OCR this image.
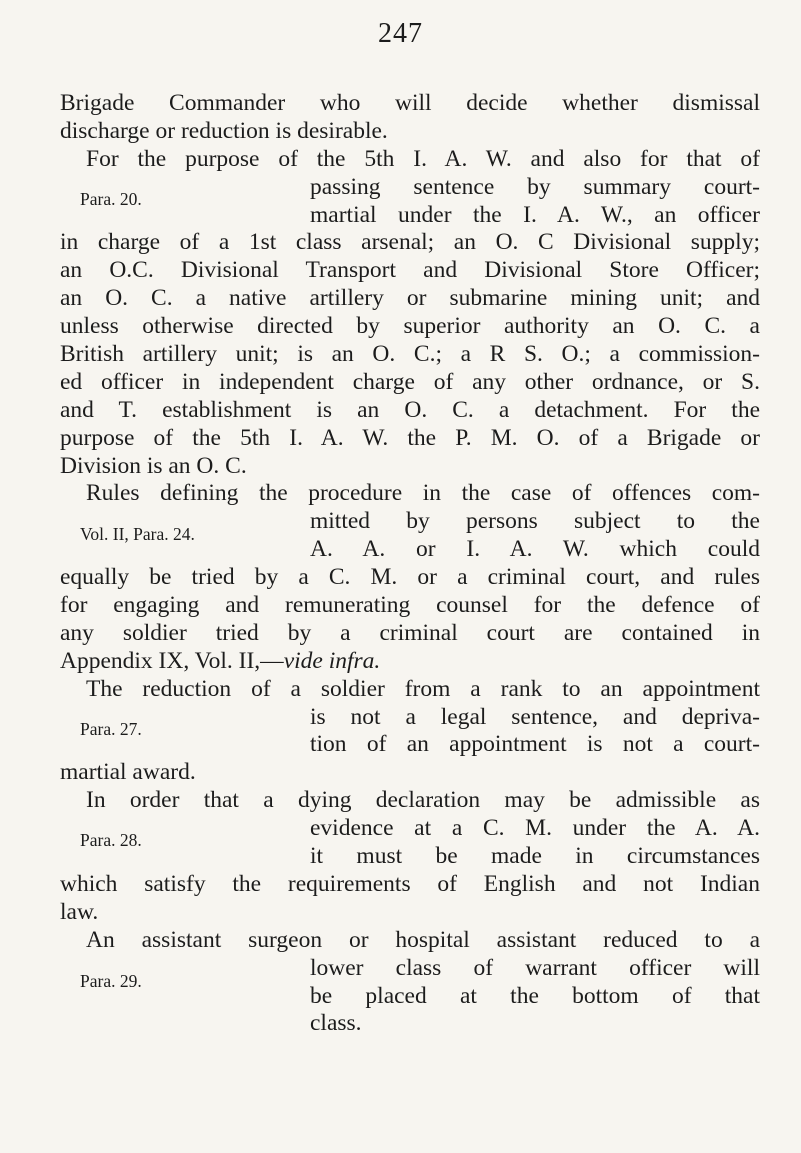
247
Brigade Commander who will decide whether dismissal
discharge or reduction is desirable.
Para. 20.
For the purpose of the 5th I. A. W. and also for that of
passing sentence by summary court-
martial under the I. A. W., an officer
in charge of a 1st class arsenal; an O. C Divisional supply;
an O.C. Divisional Transport and Divisional Store Officer;
an O. C. a native artillery or submarine mining unit; and
unless otherwise directed by superior authority an O. C. a
British artillery unit; is an O. C.; a R S. O.; a commission-
ed officer in independent charge of any other ordnance, or S.
and T. establishment is an O. C. a detachment. For the
purpose of the 5th I. A. W. the P. M. O. of a Brigade or
Division is an O. C.
Vol. II, Para. 24.
Rules defining the procedure in the case of offences com-
mitted by persons subject to the
A. A. or I. A. W. which could
equally be tried by a C. M. or a criminal court, and rules
for engaging and remunerating counsel for the defence of
any soldier tried by a criminal court are contained in
Appendix IX, Vol. II,—vide infra.
Para. 27.
The reduction of a soldier from a rank to an appointment
is not a legal sentence, and depriva-
tion of an appointment is not a court-
martial award.
Para. 28.
In order that a dying declaration may be admissible as
evidence at a C. M. under the A. A.
it must be made in circumstances
which satisfy the requirements of English and not Indian
law.
Para. 29.
An assistant surgeon or hospital assistant reduced to a
lower class of warrant officer will
be placed at the bottom of that
class.
